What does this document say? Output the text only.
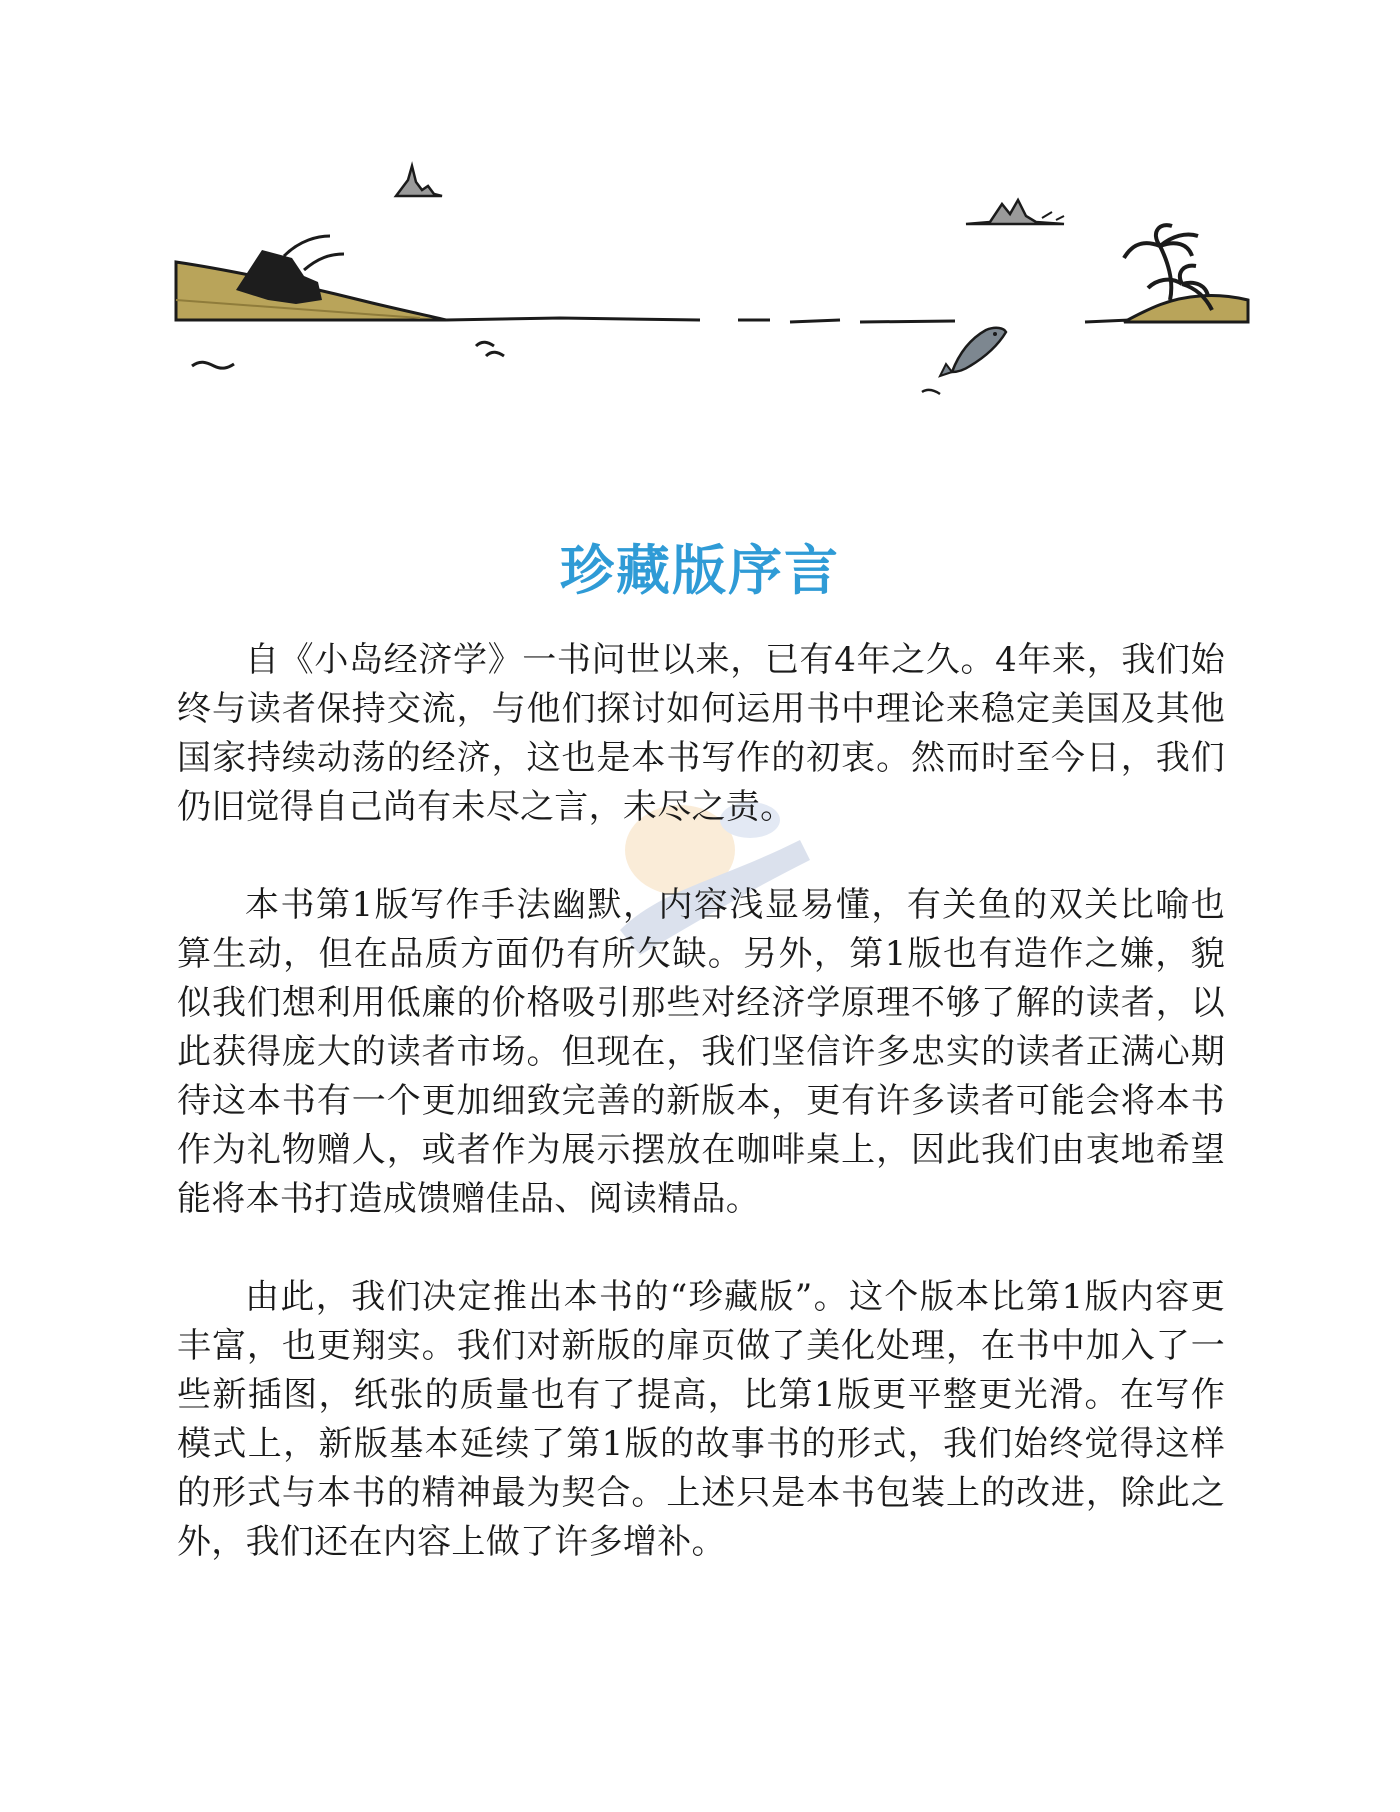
珍藏版序言

自《小岛经济学》一书问世以来，已有4年之久。4年来，我们始终与读者保持交流，与他们探讨如何运用书中理论来稳定美国及其他国家持续动荡的经济，这也是本书写作的初衷。然而时至今日，我们仍旧觉得自己尚有未尽之言，未尽之责。

本书第1版写作手法幽默，内容浅显易懂，有关鱼的双关比喻也算生动，但在品质方面仍有所欠缺。另外，第1版也有造作之嫌，貌似我们想利用低廉的价格吸引那些对经济学原理不够了解的读者，以此获得庞大的读者市场。但现在，我们坚信许多忠实的读者正满心期待这本书有一个更加细致完善的新版本，更有许多读者可能会将本书作为礼物赠人，或者作为展示摆放在咖啡桌上，因此我们由衷地希望能将本书打造成馈赠佳品、阅读精品。

由此，我们决定推出本书的“珍藏版”。这个版本比第1版内容更丰富，也更翔实。我们对新版的扉页做了美化处理，在书中加入了一些新插图，纸张的质量也有了提高，比第1版更平整更光滑。在写作模式上，新版基本延续了第1版的故事书的形式，我们始终觉得这样的形式与本书的精神最为契合。上述只是本书包装上的改进，除此之外，我们还在内容上做了许多增补。
